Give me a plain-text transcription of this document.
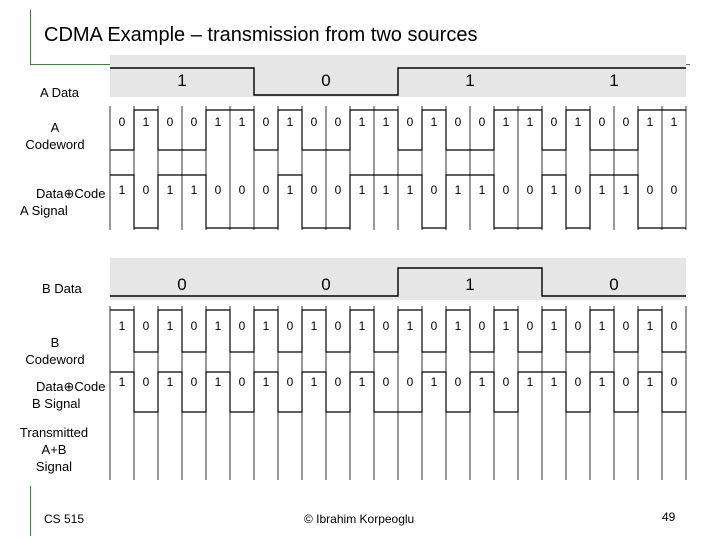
CDMA Example – transmission from two sources
A Data
A
Codeword
Data⊕Code
A Signal
B Data
B
Codeword
Data⊕Code
B Signal
Transmitted
A+B
Signal
1	0	1	1
0	0	1	0
0 1 0 0 1 1 0 1 0 0 1 1 0 1 0 0 1 1 0 1 0 0 1 1
1 0 1 1 0 0 0 1 0 0 1 1 1 0 1 1 0 0 1 0 1 1 0 0
1 0 1 0 1 0 1 0 1 0 1 0 1 0 1 0 1 0 1 0 1 0 1 0
1 0 1 0 1 0 1 0 1 0 1 0 0 1 0 1 0 1 1 0 1 0 1 0
CS 515	© Ibrahim Korpeoglu	49
